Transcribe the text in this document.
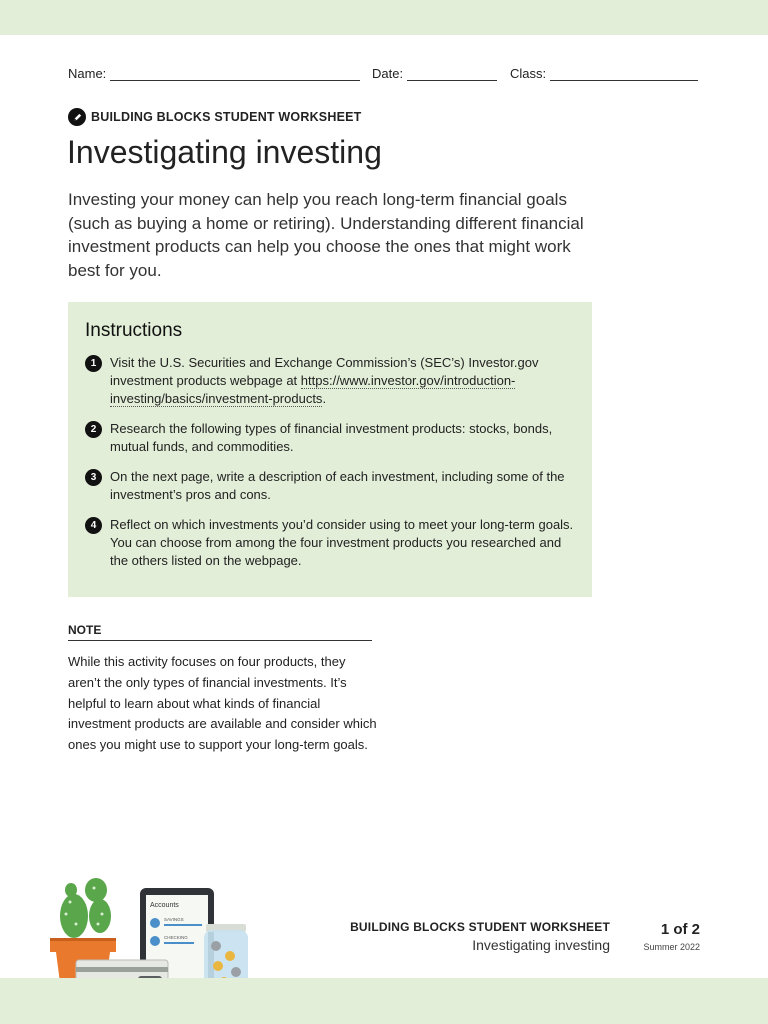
Name:	Date:	Class:
BUILDING BLOCKS STUDENT WORKSHEET
Investigating investing

Investing your money can help you reach long-term financial goals (such as buying a home or retiring). Understanding different financial investment products can help you choose the ones that might work best for you.

Instructions
1	Visit the U.S. Securities and Exchange Commission’s (SEC’s) Investor.gov investment products webpage at https://www.investor.gov/introduction-investing/basics/investment-products.
2	Research the following types of financial investment products: stocks, bonds, mutual funds, and commodities.
3	On the next page, write a description of each investment, including some of the investment’s pros and cons.
4	Reflect on which investments you’d consider using to meet your long-term goals. You can choose from among the four investment products you researched and the others listed on the webpage.
NOTE

While this activity focuses on four products, they aren’t the only types of financial investments. It’s helpful to learn about what kinds of financial investment products are available and consider which ones you might use to support your long-term goals.

Accounts
SAVINGS
CHECKING
BUILDING BLOCKS STUDENT WORKSHEET
Investigating investing
1 of 2
Summer 2022
